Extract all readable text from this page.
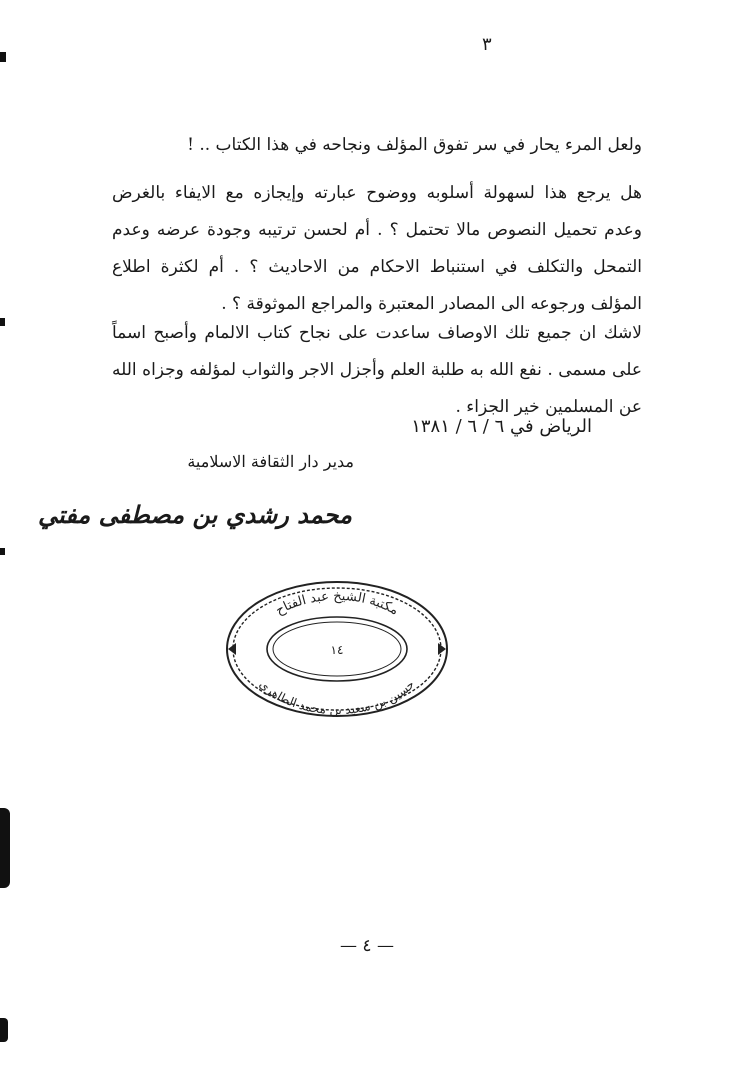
٣

ولعل المرء يحار في سر تفوق المؤلف ونجاحه في هذا الكتاب .. !

هل يرجع هذا لسهولة أسلوبه ووضوح عبارته وإيجازه مع الايفاء بالغرض وعدم تحميل النصوص مالا تحتمل ؟ . أم لحسن ترتيبه وجودة عرضه وعدم التمحل والتكلف في استنباط الاحكام من الاحاديث ؟ . أم لكثرة اطلاع المؤلف ورجوعه الى المصادر المعتبرة والمراجع الموثوقة ؟ .

لاشك ان جميع تلك الاوصاف ساعدت على نجاح كتاب الالمام وأصبح اسماً على مسمى . نفع الله به طلبة العلم وأجزل الاجر والثواب لمؤلفه وجزاه الله عن المسلمين خير الجزاء .

الرياض في ٦ / ٦ / ١٣٨١
مدير دار الثقافة الاسلامية
محمد رشدي بن مصطفى مفتي
مكتبة الشيخ عبد الفتاح
حسين بن سعيد بن محمد الطاهري
١٤
— ٤ —
